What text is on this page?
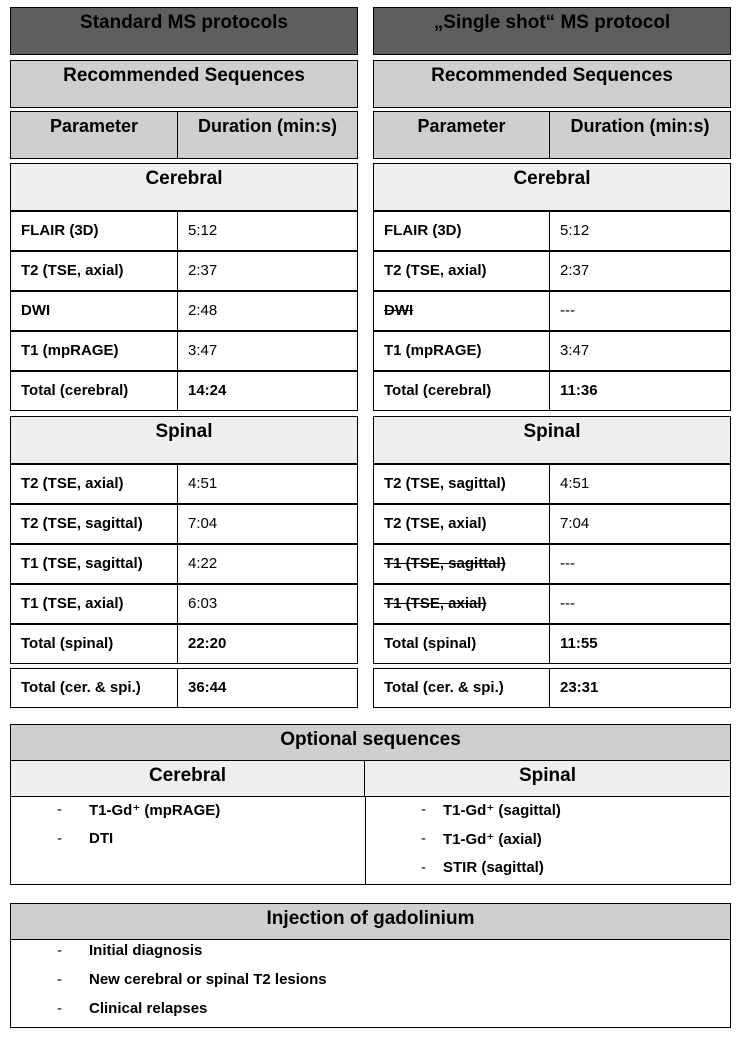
Standard MS protocols
Recommended Sequences
Parameter	Duration (min:s)
Cerebral
FLAIR (3D)	5:12
T2 (TSE, axial)	2:37
DWI	2:48
T1 (mpRAGE)	3:47
Total (cerebral)	14:24
Spinal
T2 (TSE, axial)	4:51
T2 (TSE, sagittal)	7:04
T1 (TSE, sagittal)	4:22
T1 (TSE, axial)	6:03
Total (spinal)	22:20
Total (cer. & spi.)	36:44
„Single shot“ MS protocol
Recommended Sequences
Parameter	Duration (min:s)
Cerebral
FLAIR (3D)	5:12
T2 (TSE, axial)	2:37
DWI	---
T1 (mpRAGE)	3:47
Total (cerebral)	11:36
Spinal
T2 (TSE, sagittal)	4:51
T2 (TSE, axial)	7:04
T1 (TSE, sagittal)	---
T1 (TSE, axial)	---
Total (spinal)	11:55
Total (cer. & spi.)	23:31
Optional sequences
Cerebral	Spinal
- T1-Gd⁺ (mpRAGE)
- DTI
- T1-Gd⁺ (sagittal)
- T1-Gd⁺ (axial)
- STIR (sagittal)
Injection of gadolinium
- Initial diagnosis
- New cerebral or spinal T2 lesions
- Clinical relapses
